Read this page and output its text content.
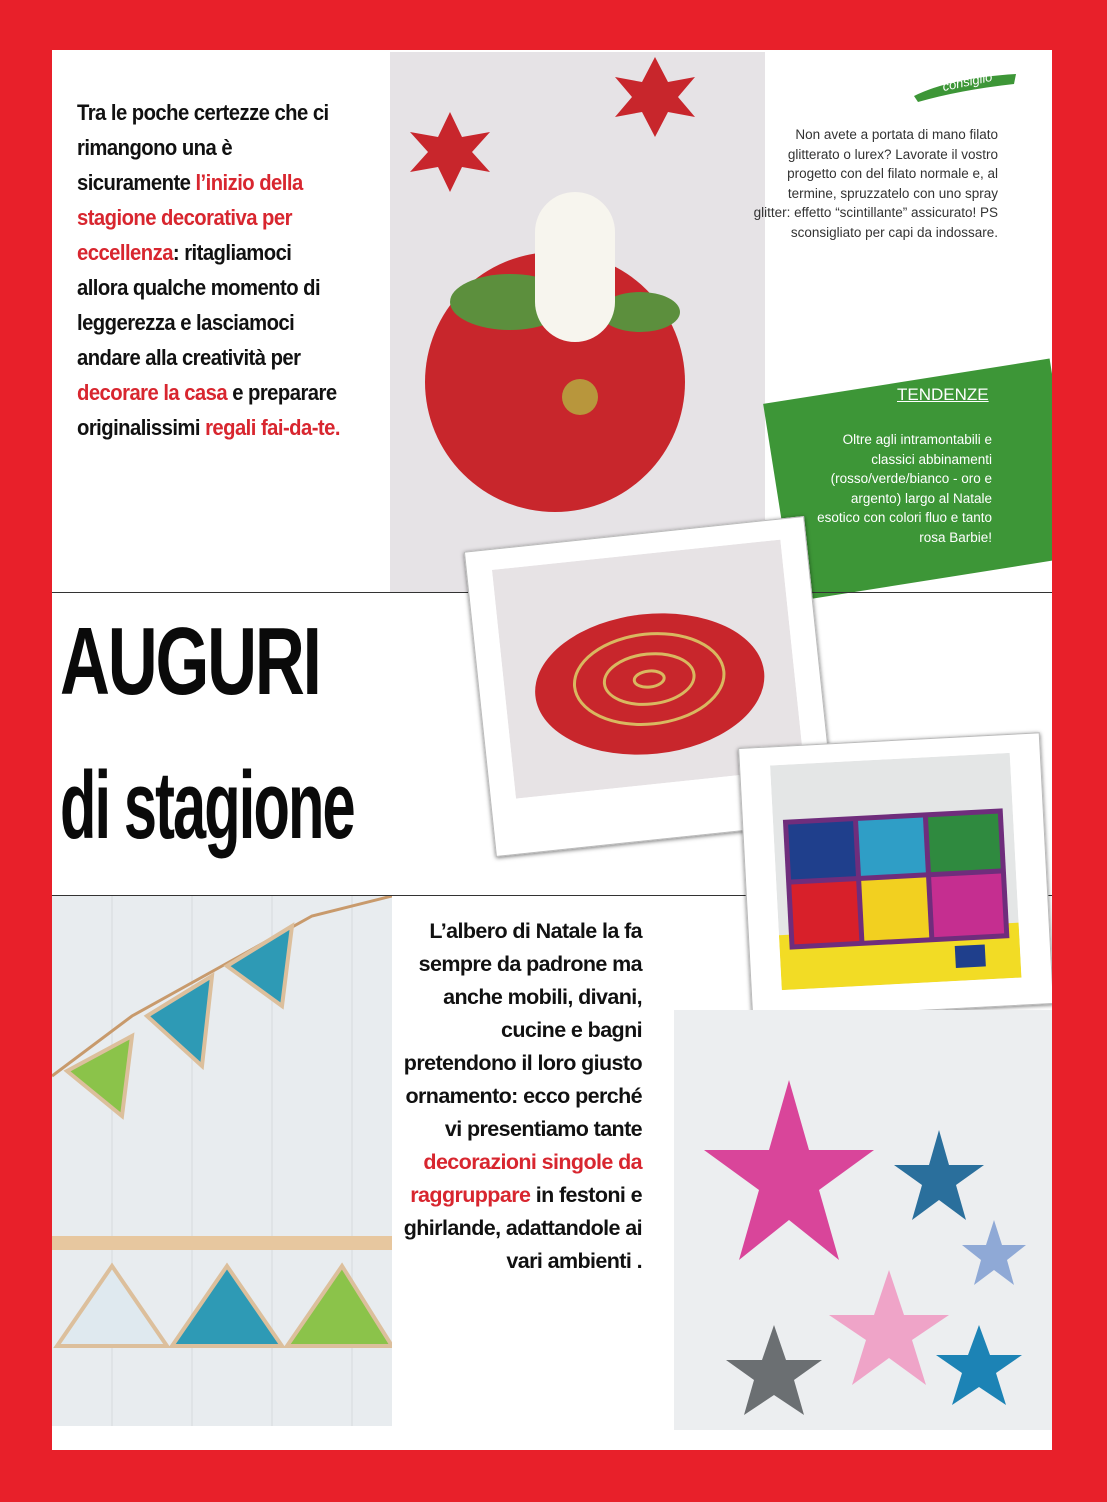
Tra le poche certezze che ci rimangono una è sicuramente l’inizio della stagione decorativa per eccellenza: ritagliamoci allora qualche momento di leggerezza e lasciamoci andare alla creatività per decorare la casa e preparare originalissimi regali fai-da-te.
consiglio
Non avete a portata di mano filato glitterato o lurex? Lavorate il vostro progetto con del filato normale e, al termine, spruzzatelo con uno spray glitter: effetto “scintillante” assicurato! PS sconsigliato per capi da indossare.
TENDENZE
Oltre agli intramontabili e classici abbinamenti (rosso/verde/bianco - oro e argento) largo al Natale esotico con colori fluo e tanto rosa Barbie!
AUGURI
di stagione
L’albero di Natale la fa sempre da padrone ma anche mobili, divani, cucine e bagni pretendono il loro giusto ornamento: ecco perché vi presentiamo tante decorazioni singole da raggruppare in festoni e ghirlande, adattandole ai vari ambienti .
